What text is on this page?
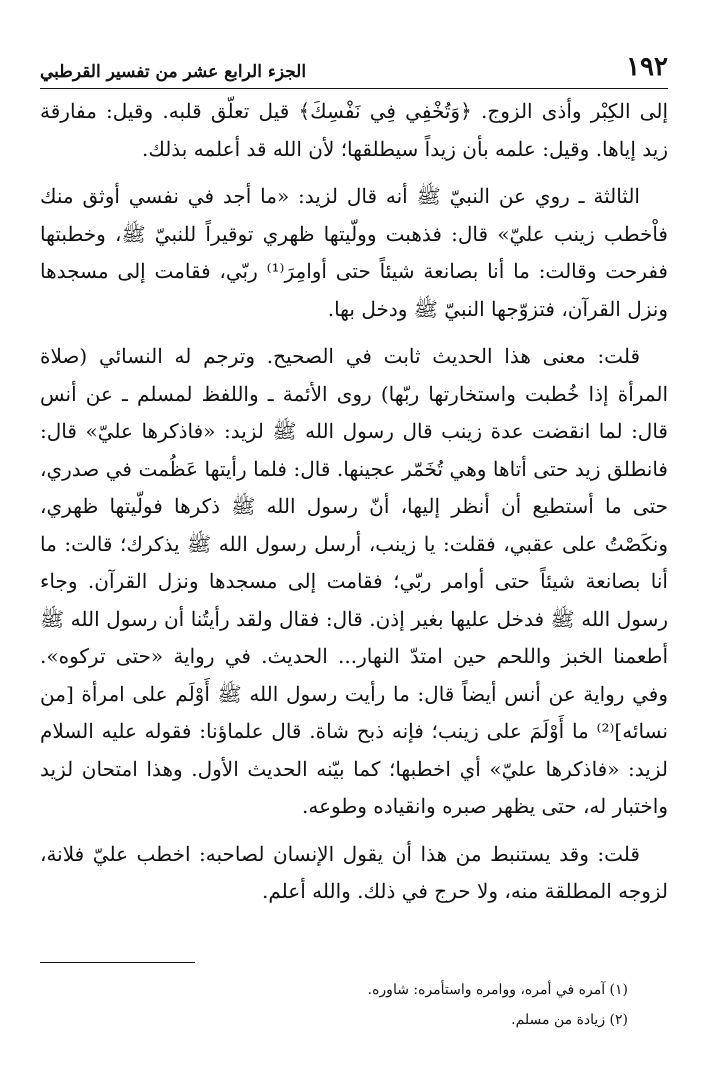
١٩٢
الجزء الرابع عشر من تفسير القرطبي

إلى الكِبْر وأذى الزوج. ﴿وَتُخْفِي فِي نَفْسِكَ﴾ قيل تعلّق قلبه. وقيل: مفارقة زيد إياها. وقيل: علمه بأن زيداً سيطلقها؛ لأن الله قد أعلمه بذلك.

الثالثة ـ روي عن النبيّ ﷺ أنه قال لزيد: «ما أجد في نفسي أوثق منك فاْخطب زينب عليّ» قال: فذهبت وولّيتها ظهري توقيراً للنبيّ ﷺ، وخطبتها ففرحت وقالت: ما أنا بصانعة شيئاً حتى أوامِرَ⁽¹⁾ ربّي، فقامت إلى مسجدها ونزل القرآن، فتزوّجها النبيّ ﷺ ودخل بها.

قلت: معنى هذا الحديث ثابت في الصحيح. وترجم له النسائي (صلاة المرأة إذا خُطبت واستخارتها ربّها) روى الأئمة ـ واللفظ لمسلم ـ عن أنس قال: لما انقضت عدة زينب قال رسول الله ﷺ لزيد: «فاذكرها عليّ» قال: فانطلق زيد حتى أتاها وهي تُخَمّر عجينها. قال: فلما رأيتها عَظُمت في صدري، حتى ما أستطيع أن أنظر إليها، أنّ رسول الله ﷺ ذكرها فولّيتها ظهري، ونكَصْتُ على عقبي، فقلت: يا زينب، أرسل رسول الله ﷺ يذكرك؛ قالت: ما أنا بصانعة شيئاً حتى أوامر ربّي؛ فقامت إلى مسجدها ونزل القرآن. وجاء رسول الله ﷺ فدخل عليها بغير إذن. قال: فقال ولقد رأيتُنا أن رسول الله ﷺ أطعمنا الخبز واللحم حين امتدّ النهار... الحديث. في رواية «حتى تركوه». وفي رواية عن أنس أيضاً قال: ما رأيت رسول الله ﷺ أَوْلَم على امرأة [من نسائه]⁽²⁾ ما أَوْلَمَ على زينب؛ فإنه ذبح شاة. قال علماؤنا: فقوله عليه السلام لزيد: «فاذكرها عليّ» أي اخطبها؛ كما بيّنه الحديث الأول. وهذا امتحان لزيد واختبار له، حتى يظهر صبره وانقياده وطوعه.

قلت: وقد يستنبط من هذا أن يقول الإنسان لصاحبه: اخطب عليّ فلانة، لزوجه المطلقة منه، ولا حرج في ذلك. والله أعلم.

(١) آمره في أمره، ووامره واستأمره: شاوره.

(٢) زيادة من مسلم.
